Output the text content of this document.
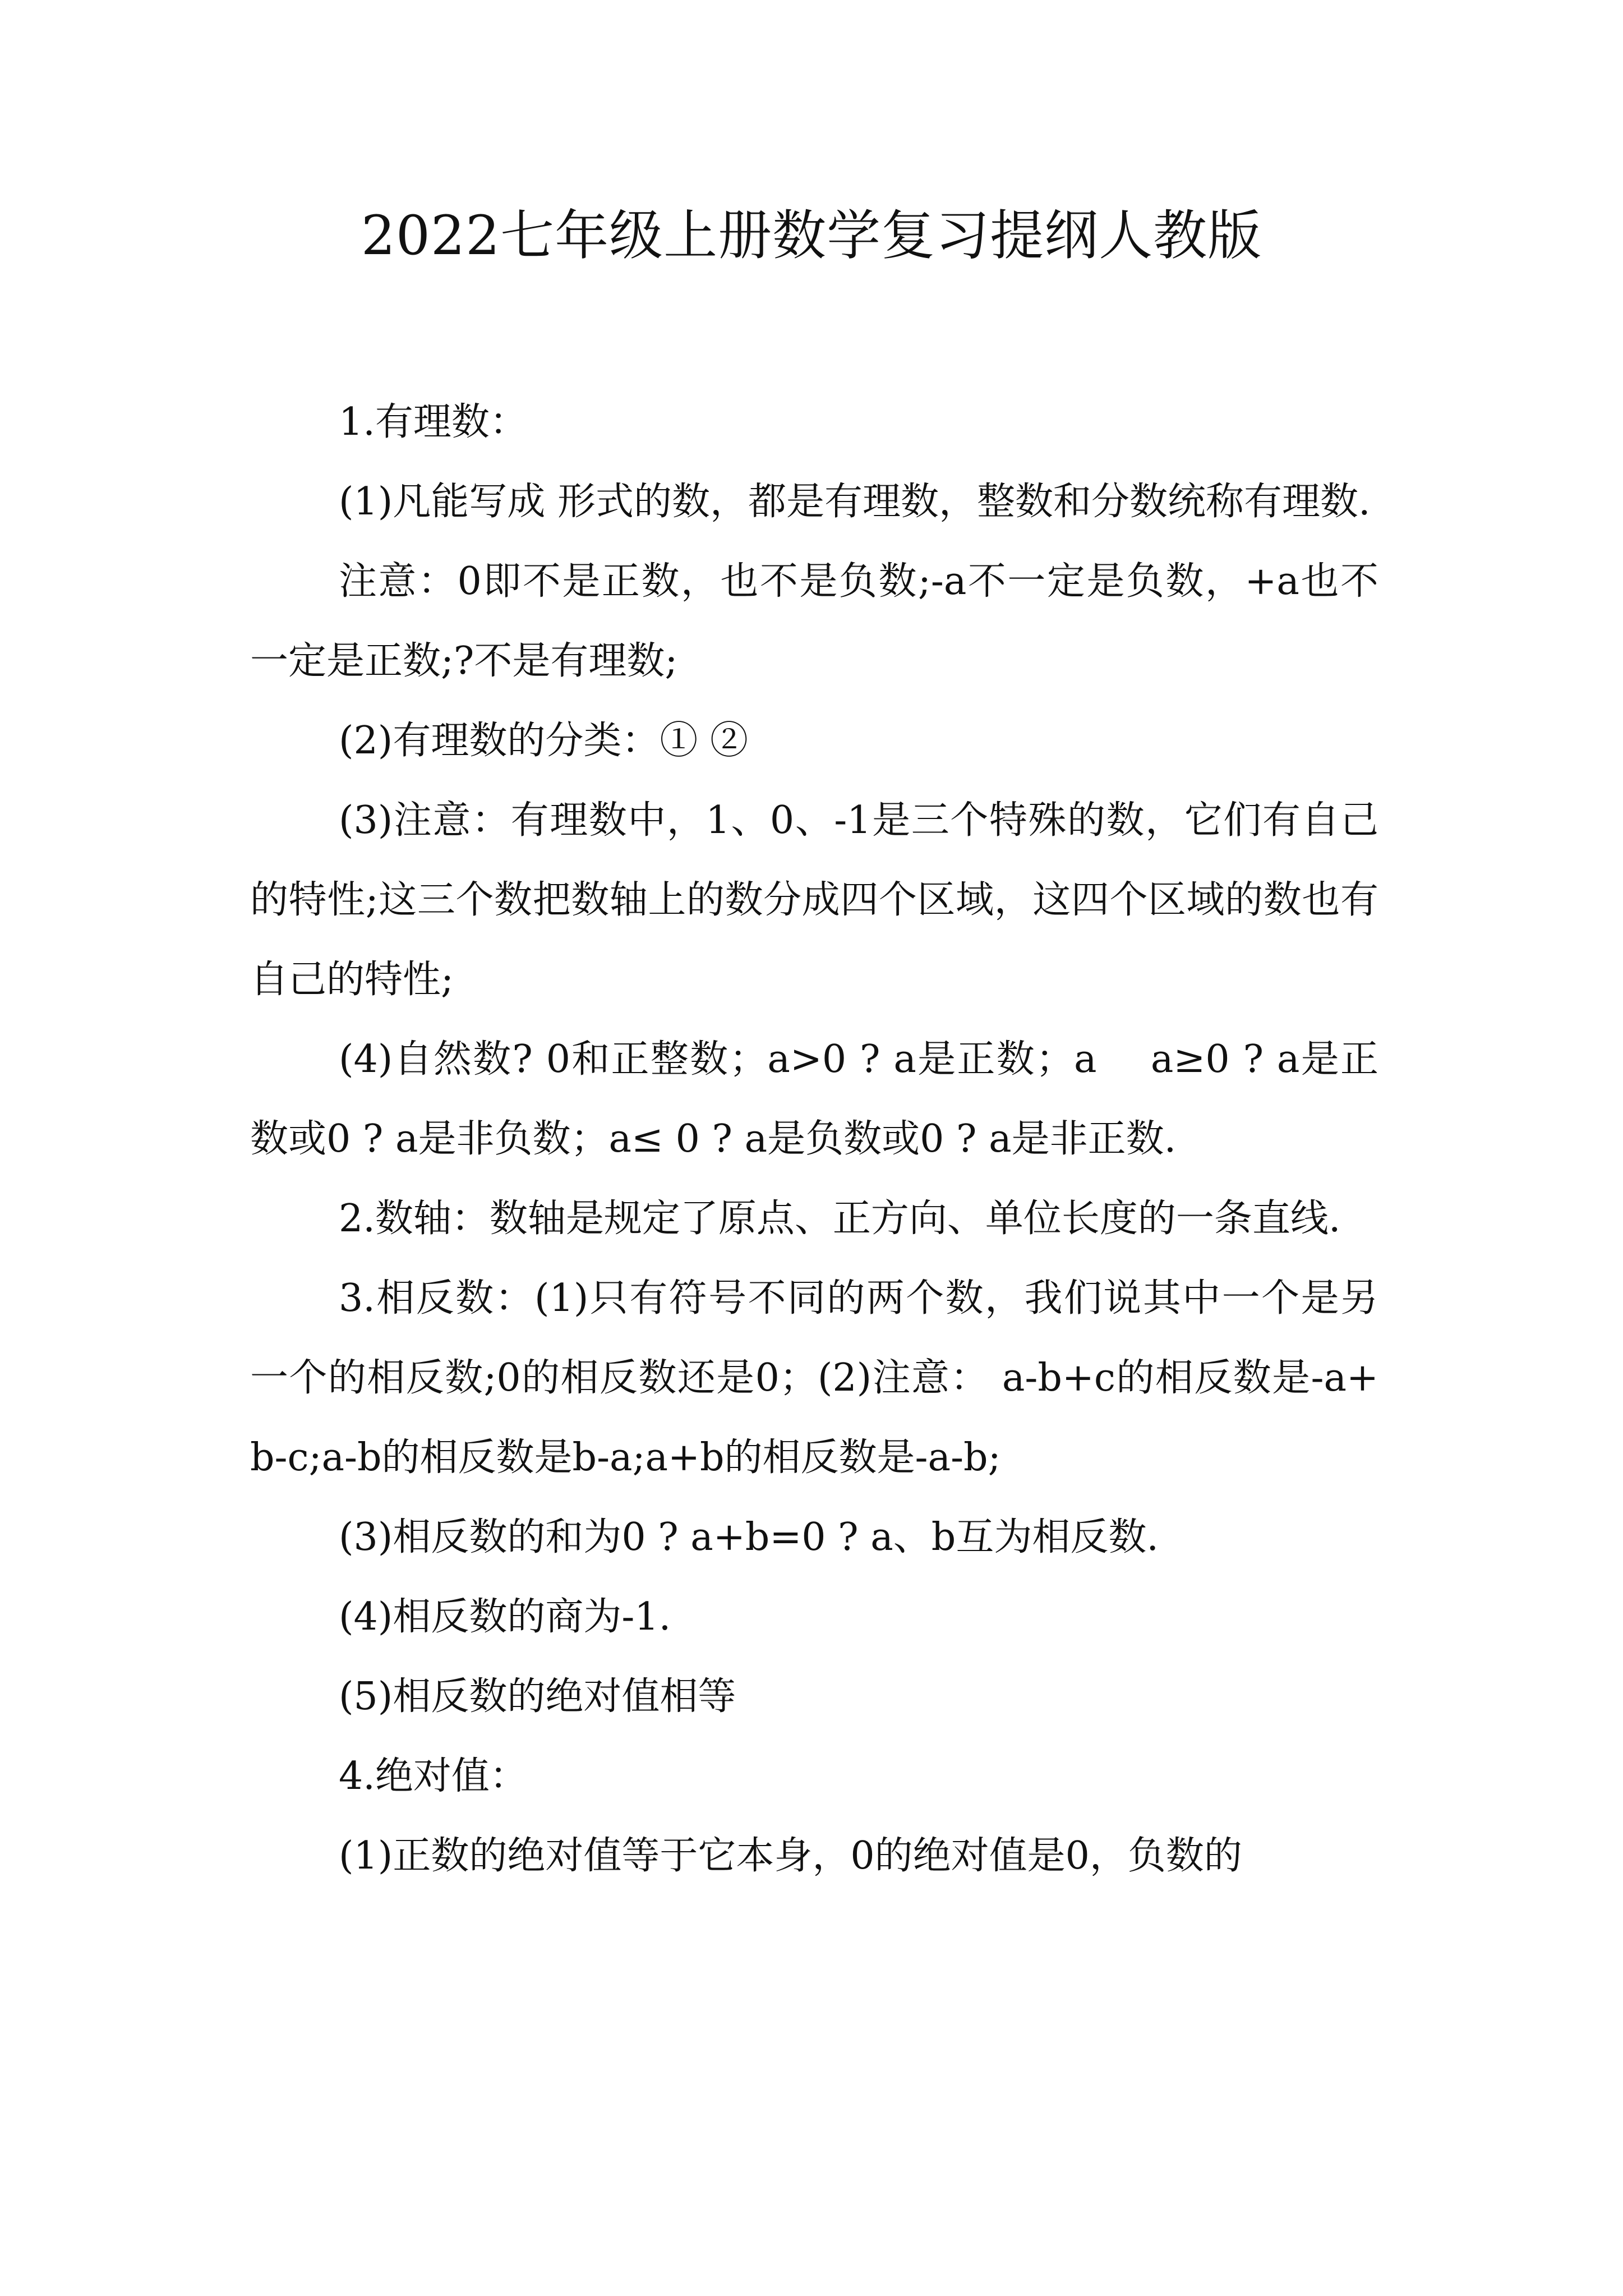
2022七年级上册数学复习提纲人教版

1.有理数：

(1)凡能写成 形式的数，都是有理数，整数和分数统称有理数.

注意：0即不是正数，也不是负数;-a不一定是负数，+a也不一定是正数;?不是有理数;

(2)有理数的分类：① ②

(3)注意：有理数中，1、0、-1是三个特殊的数，它们有自己的特性;这三个数把数轴上的数分成四个区域，这四个区域的数也有自己的特性;

(4)自然数? 0和正整数；a>0 ? a是正数；a　 a≥0 ? a是正数或0 ? a是非负数；a≤ 0 ? a是负数或0 ? a是非正数.

2.数轴：数轴是规定了原点、正方向、单位长度的一条直线.

3.相反数：(1)只有符号不同的两个数，我们说其中一个是另一个的相反数;0的相反数还是0；(2)注意： a-b+c的相反数是-a+b-c;a-b的相反数是b-a;a+b的相反数是-a-b;

(3)相反数的和为0 ? a+b=0 ? a、b互为相反数.

(4)相反数的商为-1.

(5)相反数的绝对值相等

4.绝对值：

(1)正数的绝对值等于它本身，0的绝对值是0，负数的
